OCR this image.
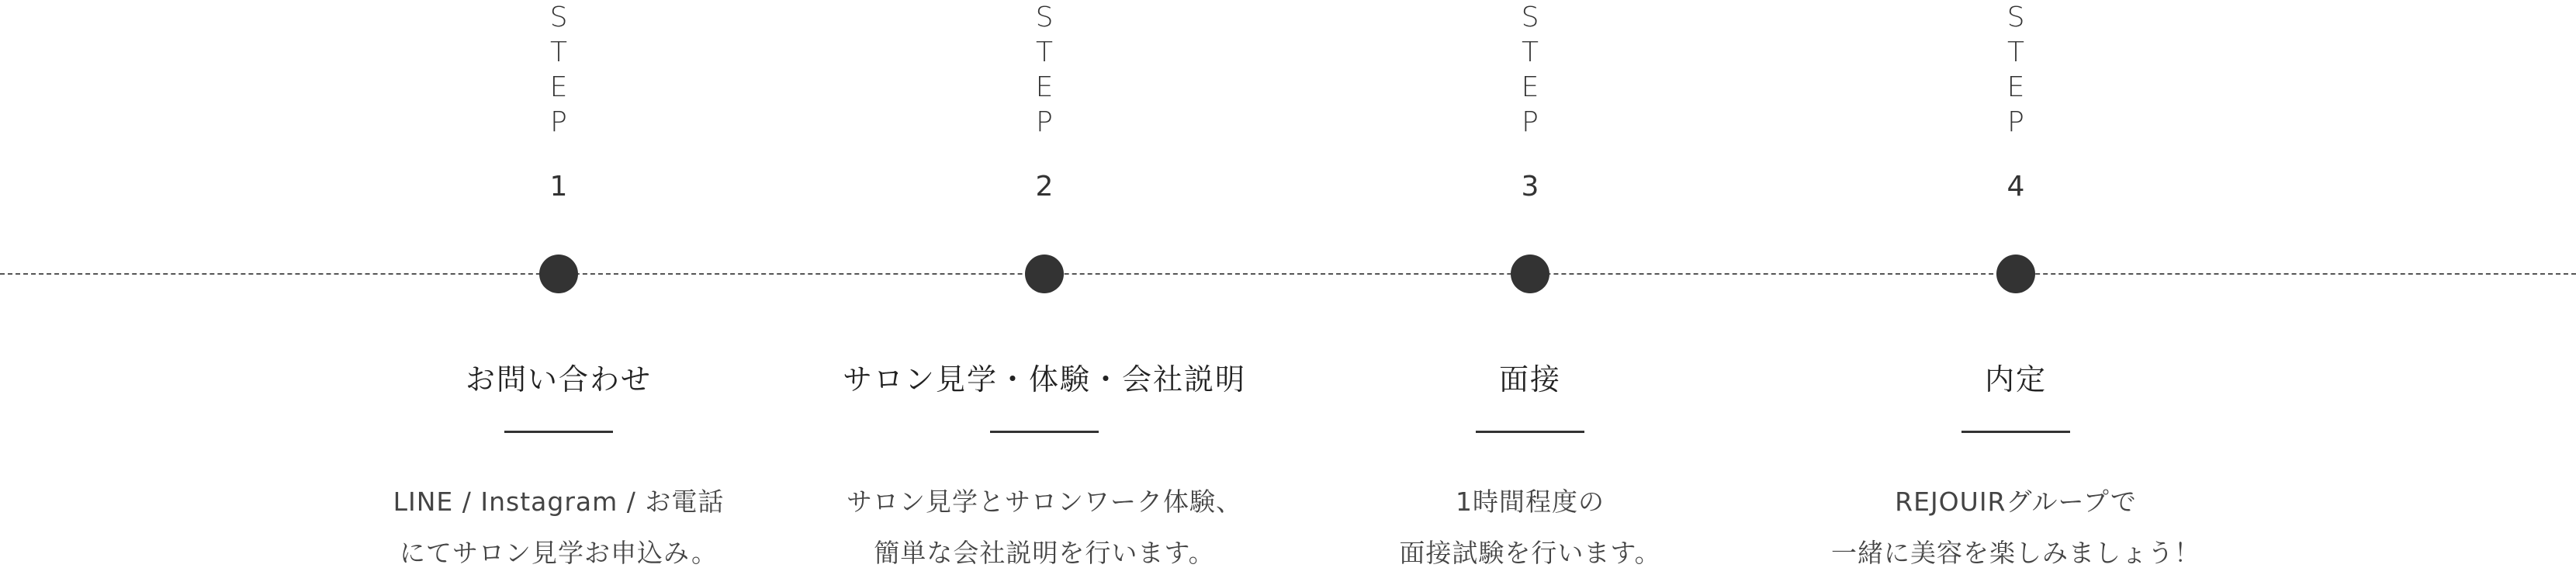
S
T
E
P
1
お問い合わせ
LINE / Instagram / お電話
にてサロン見学お申込み。
S
T
E
P
2
サロン見学・体験・会社説明
サロン見学とサロンワーク体験、
簡単な会社説明を行います。
S
T
E
P
3
面接
1時間程度の
面接試験を行います。
S
T
E
P
4
内定
REJOUIRグループで
一緒に美容を楽しみましょう！
